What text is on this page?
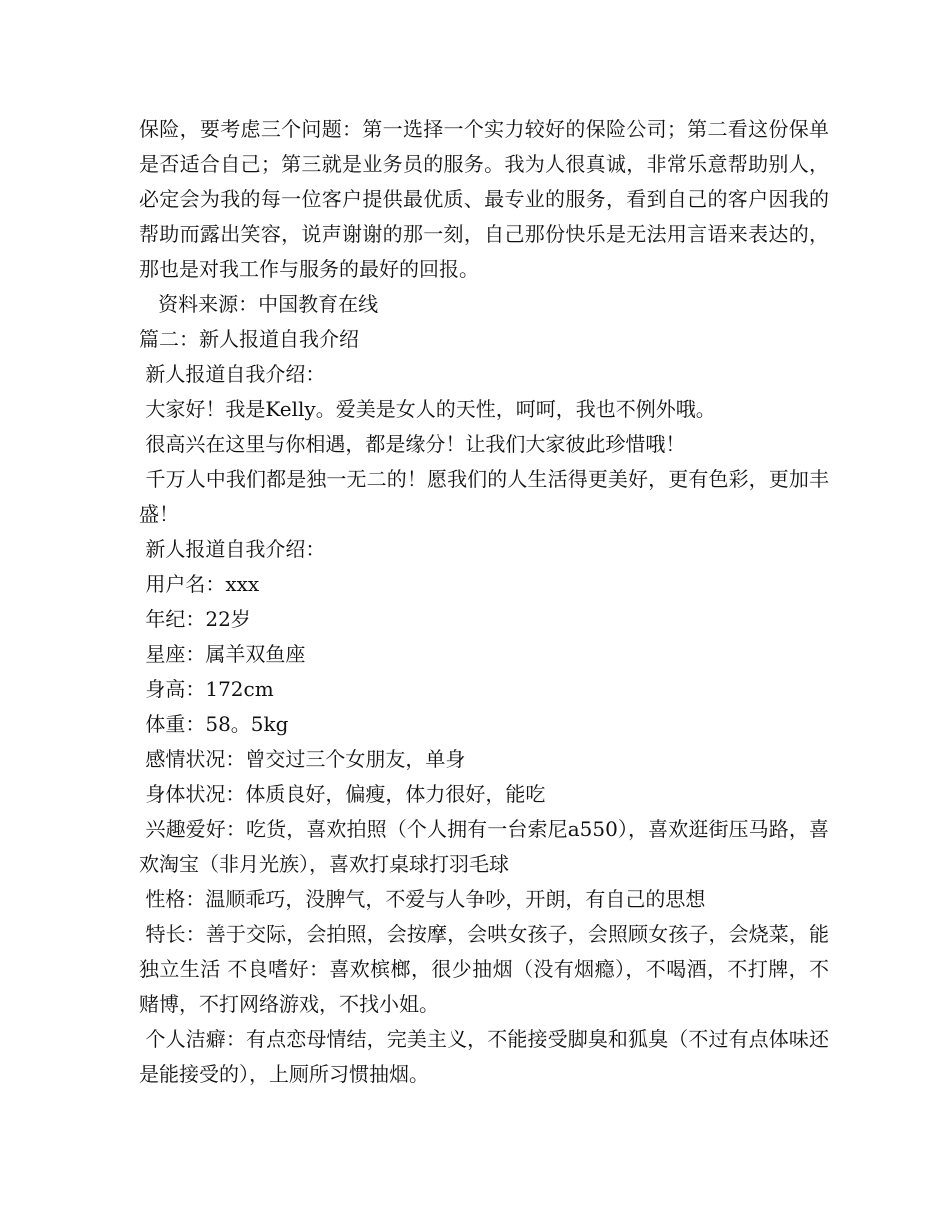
保险，要考虑三个问题：第一选择一个实力较好的保险公司；第二看这份保单是否适合自己；第三就是业务员的服务。我为人很真诚，非常乐意帮助别人，必定会为我的每一位客户提供最优质、最专业的服务，看到自己的客户因我的帮助而露出笑容，说声谢谢的那一刻，自己那份快乐是无法用言语来表达的，那也是对我工作与服务的最好的回报。

资料来源：中国教育在线

篇二：新人报道自我介绍

新人报道自我介绍：

大家好！我是Kelly。爱美是女人的天性，呵呵，我也不例外哦。

很高兴在这里与你相遇，都是缘分！让我们大家彼此珍惜哦！

千万人中我们都是独一无二的！愿我们的人生活得更美好，更有色彩，更加丰盛！

新人报道自我介绍：

用户名：xxx

年纪：22岁

星座：属羊双鱼座

身高：172cm

体重：58。5kg

感情状况：曾交过三个女朋友，单身

身体状况：体质良好，偏瘦，体力很好，能吃

兴趣爱好：吃货，喜欢拍照（个人拥有一台索尼a550），喜欢逛街压马路，喜欢淘宝（非月光族），喜欢打桌球打羽毛球

性格：温顺乖巧，没脾气，不爱与人争吵，开朗，有自己的思想

特长：善于交际，会拍照，会按摩，会哄女孩子，会照顾女孩子，会烧菜，能独立生活 不良嗜好：喜欢槟榔，很少抽烟（没有烟瘾），不喝酒，不打牌，不赌博，不打网络游戏，不找小姐。

个人洁癖：有点恋母情结，完美主义，不能接受脚臭和狐臭（不过有点体味还是能接受的），上厕所习惯抽烟。
